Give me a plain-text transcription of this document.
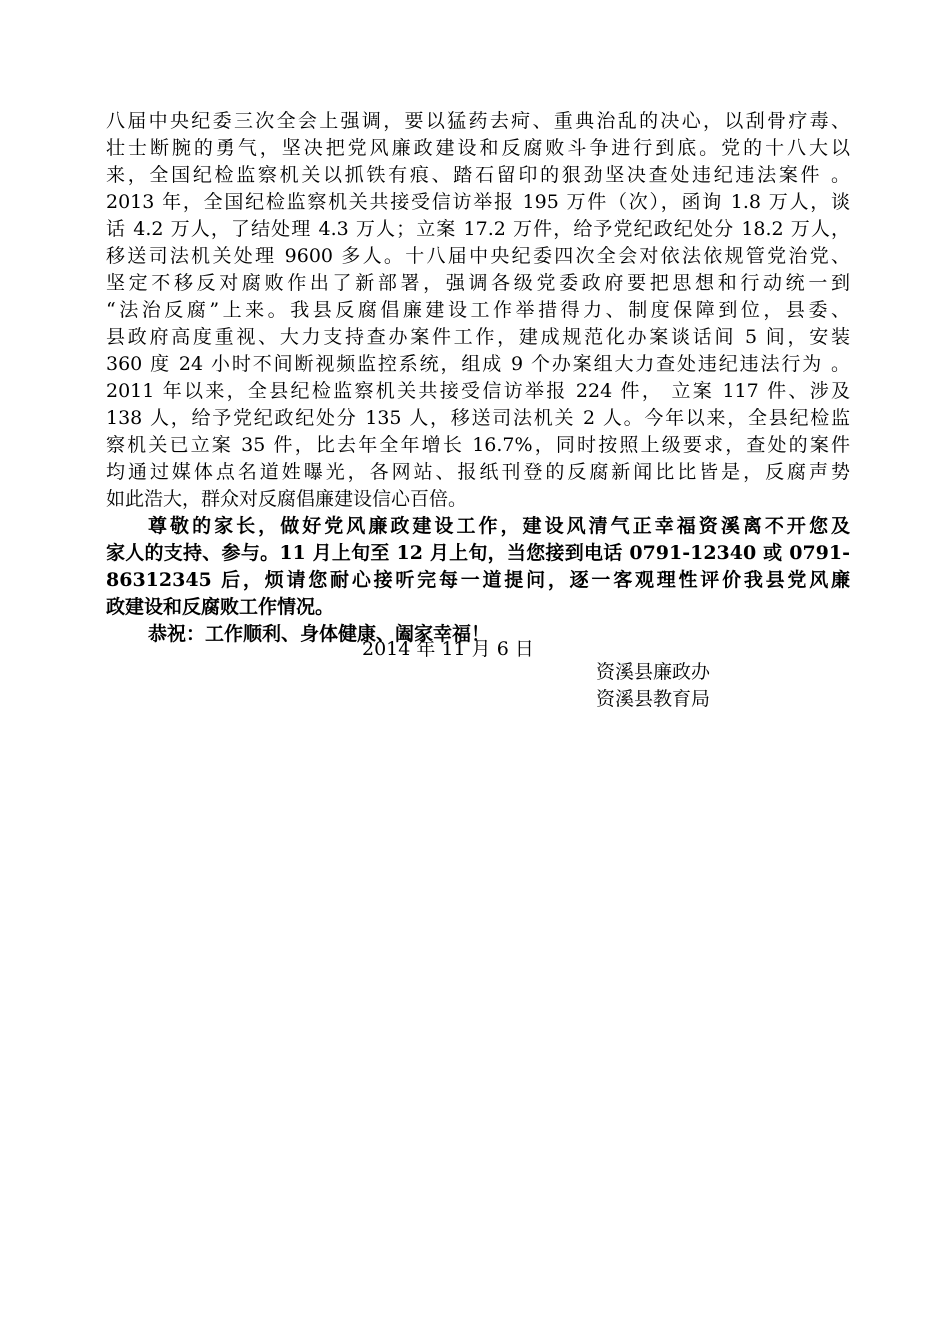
八届中央纪委三次全会上强调，要以猛药去疴、重典治乱的决心，以刮骨疗毒、
壮士断腕的勇气，坚决把党风廉政建设和反腐败斗争进行到底。党的十八大以
来，全国纪检监察机关以抓铁有痕、踏石留印的狠劲坚决查处违纪违法案件 。
2013 年，全国纪检监察机关共接受信访举报 195 万件（次），函询 1.8 万人，谈
话 4.2 万人，了结处理 4.3 万人；立案 17.2 万件，给予党纪政纪处分 18.2 万人，
移送司法机关处理 9600 多人。十八届中央纪委四次全会对依法依规管党治党、
坚定不移反对腐败作出了新部署，强调各级党委政府要把思想和行动统一到
“法治反腐”上来。我县反腐倡廉建设工作举措得力、制度保障到位，县委、
县政府高度重视、大力支持查办案件工作，建成规范化办案谈话间 5 间，安装
360 度 24 小时不间断视频监控系统，组成 9 个办案组大力查处违纪违法行为 。
2011 年以来，全县纪检监察机关共接受信访举报 224 件， 立案 117 件、涉及
138 人，给予党纪政纪处分 135 人，移送司法机关 2 人。今年以来，全县纪检监
察机关已立案 35 件，比去年全年增长 16.7%，同时按照上级要求，查处的案件
均通过媒体点名道姓曝光，各网站、报纸刊登的反腐新闻比比皆是，反腐声势
如此浩大，群众对反腐倡廉建设信心百倍。
尊敬的家长，做好党风廉政建设工作，建设风清气正幸福资溪离不开您及
家人的支持、参与。11 月上旬至 12 月上旬，当您接到电话 0791-12340 或 0791-
86312345 后，烦请您耐心接听完每一道提问，逐一客观理性评价我县党风廉
政建设和反腐败工作情况。
恭祝：工作顺利、身体健康、阖家幸福！
2014 年 11 月 6 日
资溪县廉政办
资溪县教育局
